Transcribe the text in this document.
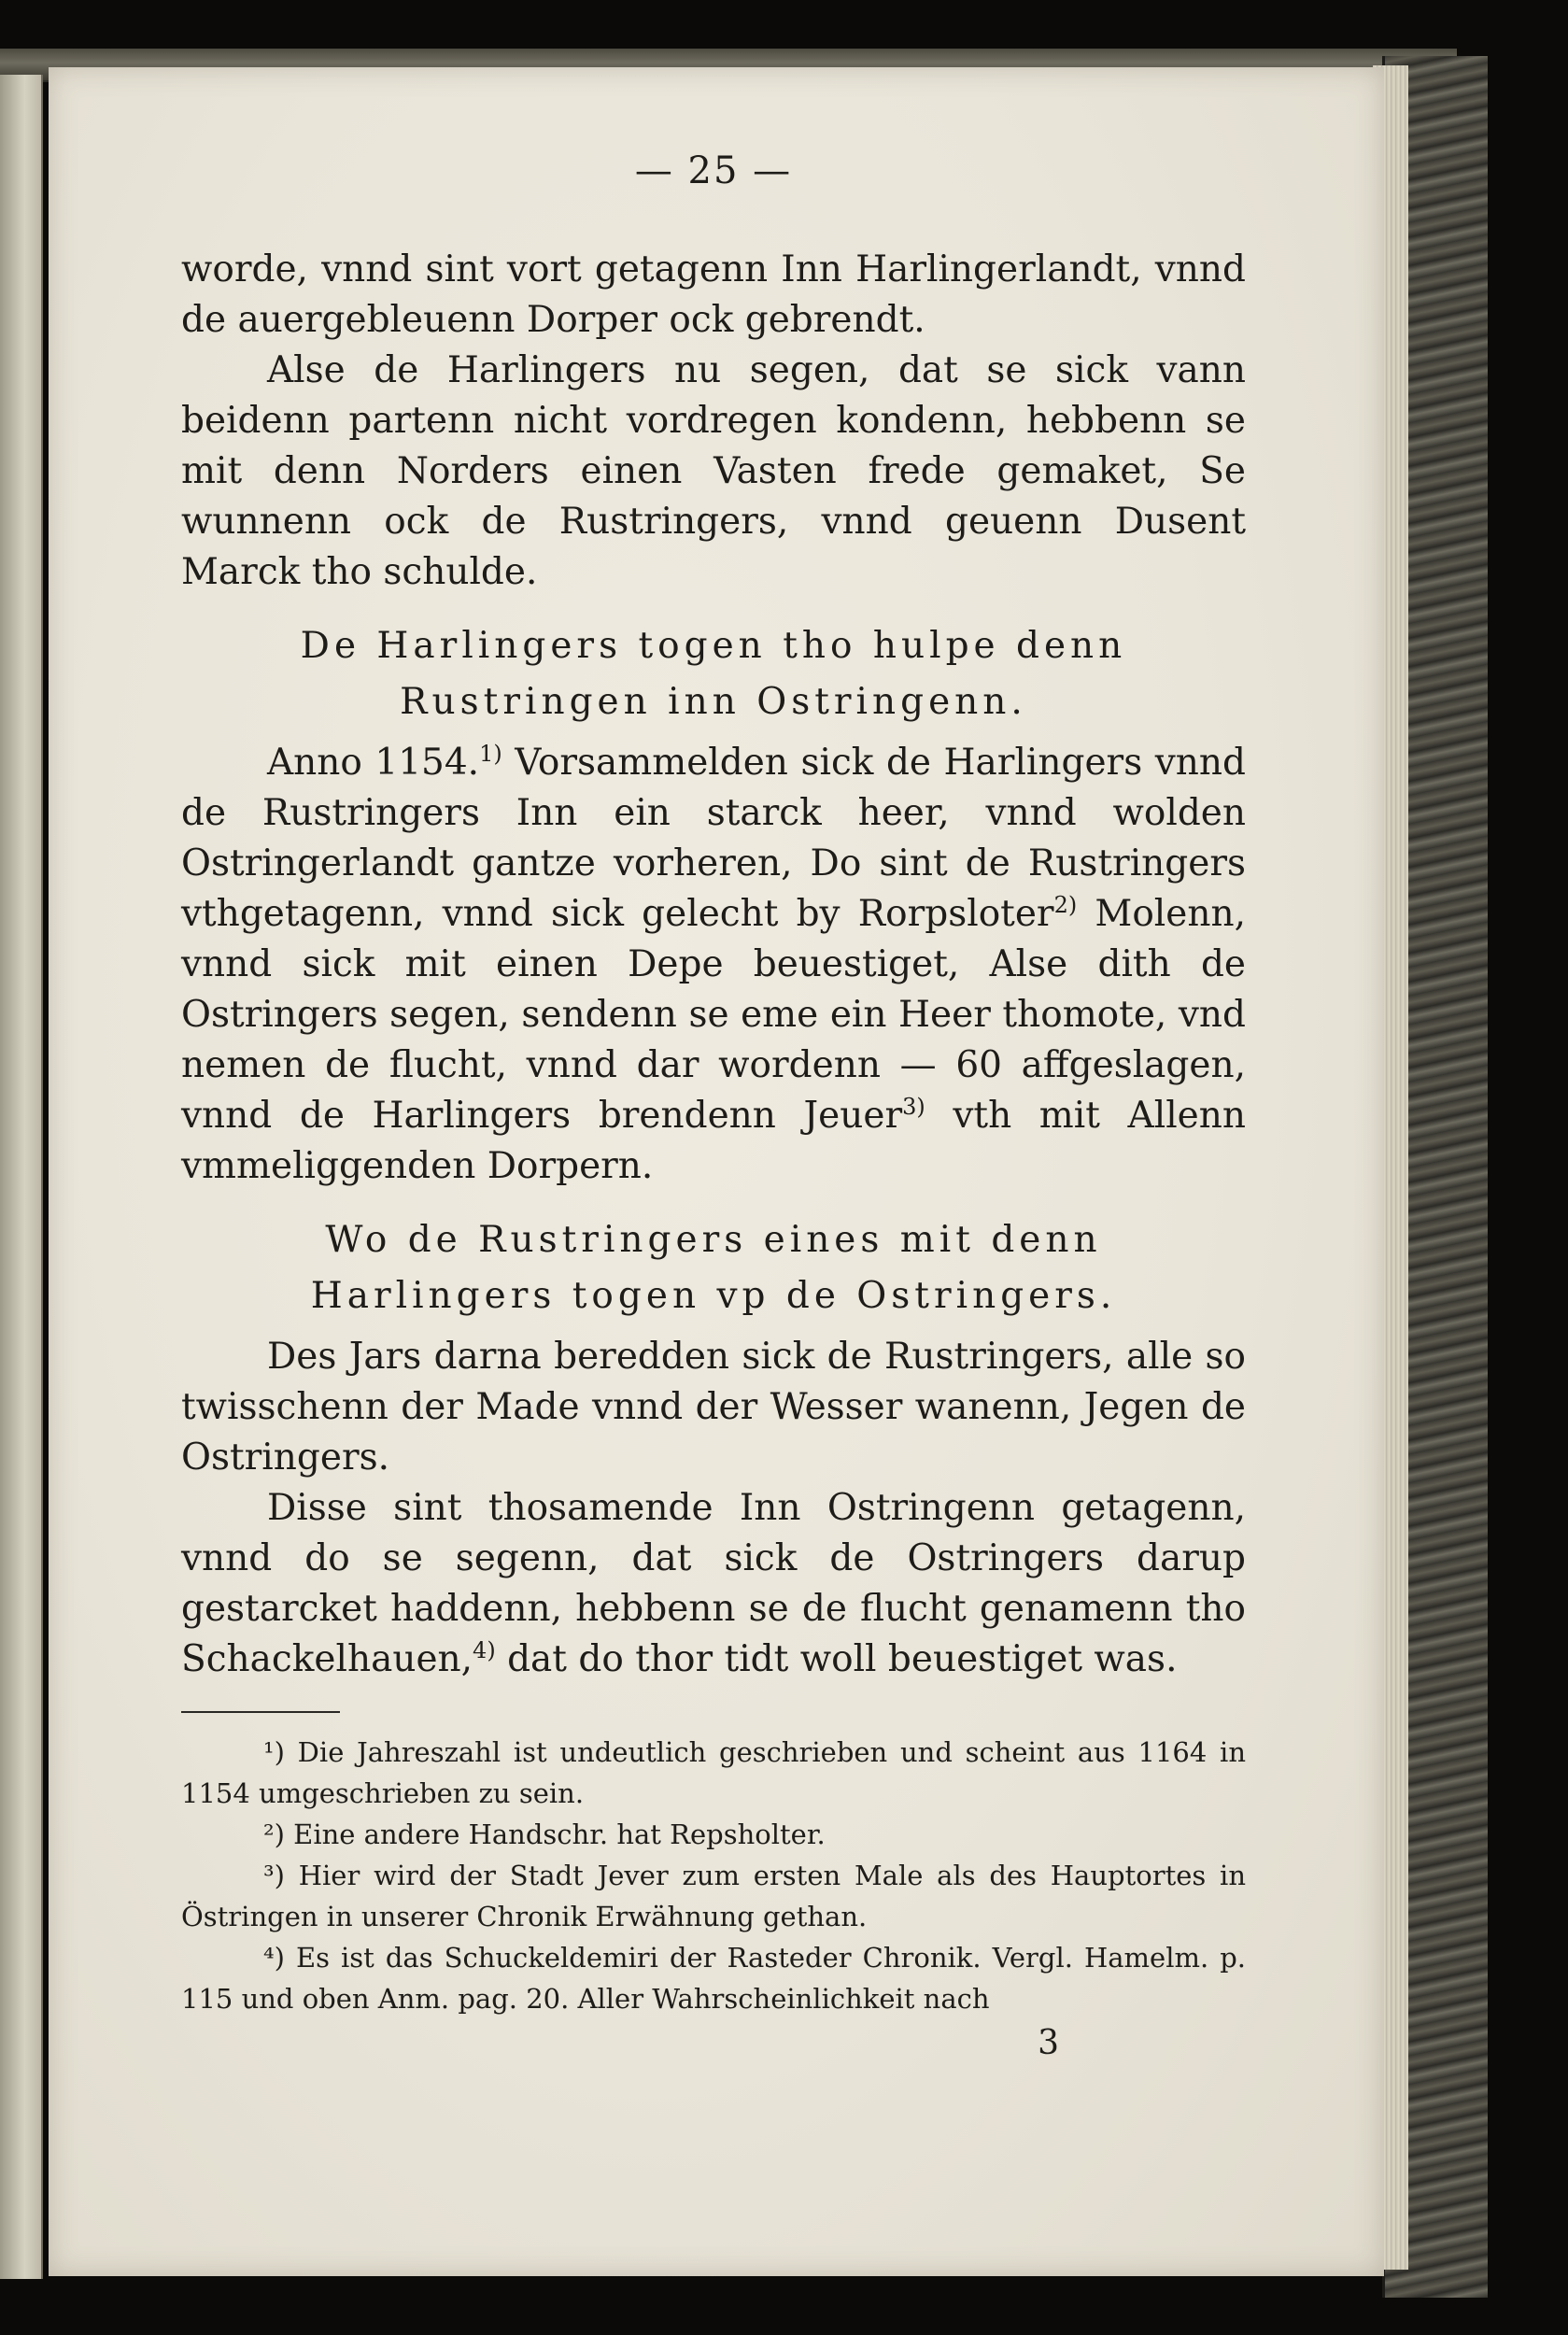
— 25 —

worde, vnnd sint vort getagenn Inn Harlingerlandt, vnnd de auergebleuenn Dorper ock gebrendt.

Alse de Harlingers nu segen, dat se sick vann beidenn partenn nicht vordregen kondenn, hebbenn se mit denn Norders einen Vasten frede gemaket, Se wunnenn ock de Rustringers, vnnd geuenn Dusent Marck tho schulde.

De Harlingers togen tho hulpe denn
Rustringen inn Ostringenn.

Anno 1154.$^{1)}$ Vorsammelden sick de Harlingers vnnd de Rustringers Inn ein starck heer, vnnd wolden Ostringerlandt gantze vorheren, Do sint de Rustringers vthgetagenn, vnnd sick gelecht by Rorpsloter$^{2)}$ Molenn, vnnd sick mit einen Depe beuestiget, Alse dith de Ostringers segen, sendenn se eme ein Heer thomote, vnd nemen de flucht, vnnd dar wordenn — 60 affgeslagen, vnnd de Harlingers brendenn Jeuer$^{3)}$ vth mit Allenn vmmeliggenden Dorpern.

Wo de Rustringers eines mit denn
Harlingers togen vp de Ostringers.

Des Jars darna beredden sick de Rustringers, alle so twisschenn der Made vnnd der Wesser wanenn, Jegen de Ostringers.

Disse sint thosamende Inn Ostringenn getagenn, vnnd do se segenn, dat sick de Ostringers darup gestarcket haddenn, hebbenn se de flucht genamenn tho Schackelhauen,$^{4)}$ dat do thor tidt woll beuestiget was.

¹) Die Jahreszahl ist undeutlich geschrieben und scheint aus 1164 in 1154 umgeschrieben zu sein.

²) Eine andere Handschr. hat Repsholter.

³) Hier wird der Stadt Jever zum ersten Male als des Hauptortes in Östringen in unserer Chronik Erwähnung gethan.

⁴) Es ist das Schuckeldemiri der Rasteder Chronik. Vergl. Hamelm. p. 115 und oben Anm. pag. 20. Aller Wahrscheinlichkeit nach

3
